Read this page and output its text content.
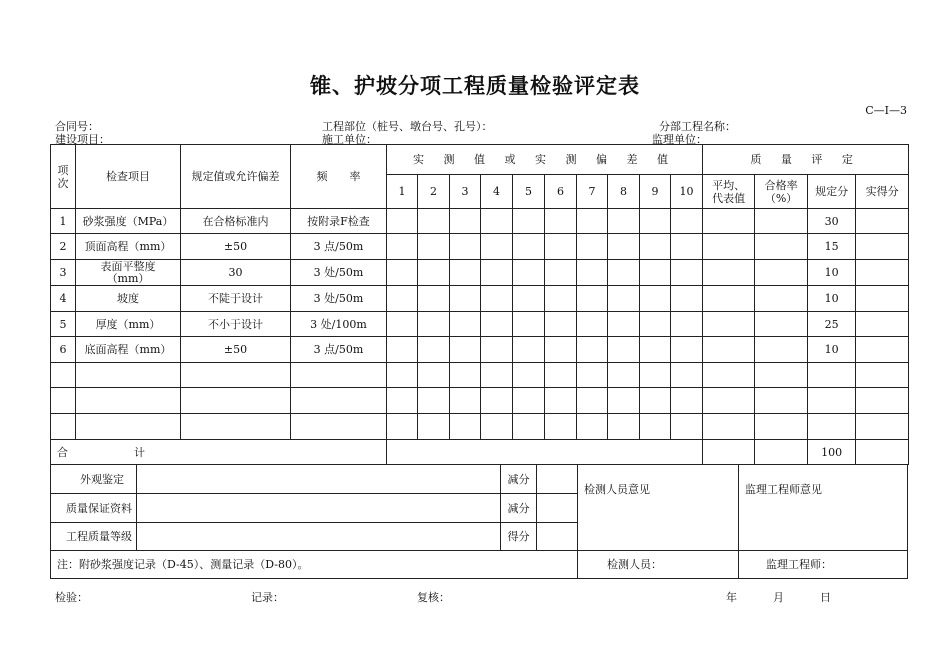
锥、护坡分项工程质量检验评定表
C—I—3
合同号：	工程部位（桩号、墩台号、孔号）：	分部工程名称：
建设项目：	施工单位：	监理单位：
项次	检查项目	规定值或允许偏差	频　　率	实 测 值 或 实 测 偏 差 值										质 量 评 定			
				1	2	3	4	5	6	7	8	9	10	平均、代表值	合格率（%）	规定分	实得分
1	砂浆强度（MPa）	在合格标准内	按附录F检查													30	
2	顶面高程（mm）	±50	3 点/50m													15	
3	表面平整度（mm）	30	3 处/50m													10	
4	坡度	不陡于设计	3 处/50m													10	
5	厚度（mm）	不小于设计	3 处/100m													25	
6	底面高程（mm）	±50	3 点/50m													10	

合　　　　　　计																100	
外观鉴定		减分		检测人员意见	监理工程师意见
质量保证资料		减分			
工程质量等级		得分			
注：附砂浆强度记录（D-45）、测量记录（D-80）。				检测人员：	监理工程师：
检验：	记录：	复核：	年	月	日
